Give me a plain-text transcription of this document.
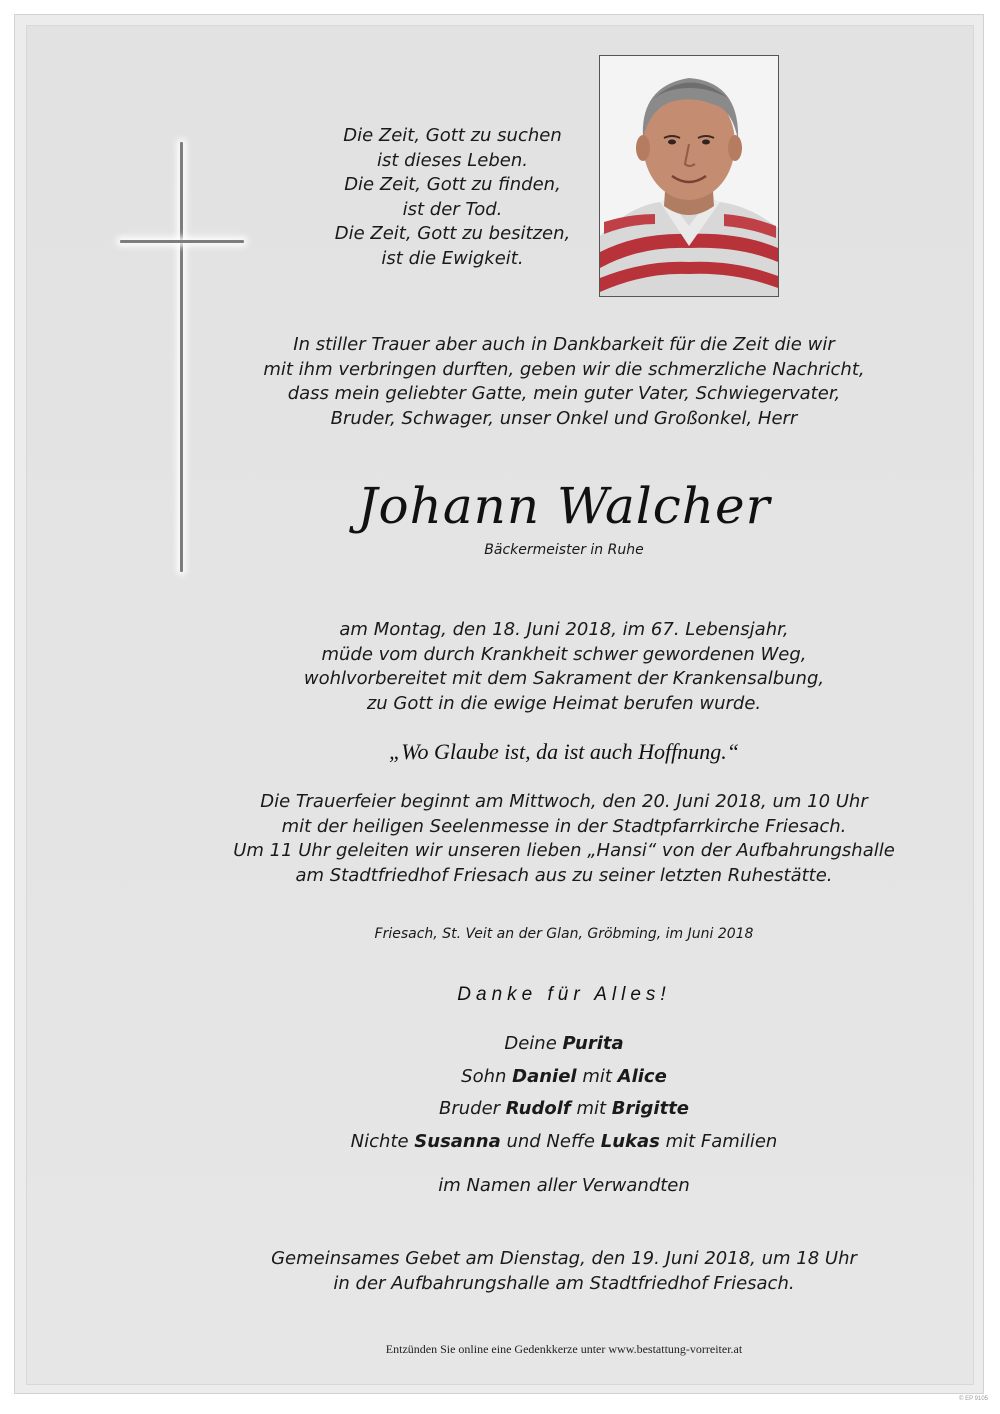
Die Zeit, Gott zu suchen
ist dieses Leben.
Die Zeit, Gott zu finden,
ist der Tod.
Die Zeit, Gott zu besitzen,
ist die Ewigkeit.
In stiller Trauer aber auch in Dankbarkeit für die Zeit die wir
mit ihm verbringen durften, geben wir die schmerzliche Nachricht,
dass mein geliebter Gatte, mein guter Vater, Schwiegervater,
Bruder, Schwager, unser Onkel und Großonkel, Herr
Johann Walcher
Bäckermeister in Ruhe
am Montag, den 18. Juni 2018, im 67. Lebensjahr,
müde vom durch Krankheit schwer gewordenen Weg,
wohlvorbereitet mit dem Sakrament der Krankensalbung,
zu Gott in die ewige Heimat berufen wurde.
„Wo Glaube ist, da ist auch Hoffnung.“
Die Trauerfeier beginnt am Mittwoch, den 20. Juni 2018, um 10 Uhr
mit der heiligen Seelenmesse in der Stadtpfarrkirche Friesach.
Um 11 Uhr geleiten wir unseren lieben „Hansi“ von der Aufbahrungshalle
am Stadtfriedhof Friesach aus zu seiner letzten Ruhestätte.
Friesach, St. Veit an der Glan, Gröbming, im Juni 2018
Danke für Alles!
Deine Purita
Sohn Daniel mit Alice
Bruder Rudolf mit Brigitte
Nichte Susanna und Neffe Lukas mit Familien
im Namen aller Verwandten
Gemeinsames Gebet am Dienstag, den 19. Juni 2018, um 18 Uhr
in der Aufbahrungshalle am Stadtfriedhof Friesach.
Entzünden Sie online eine Gedenkkerze unter www.bestattung-vorreiter.at
© EP 9105
